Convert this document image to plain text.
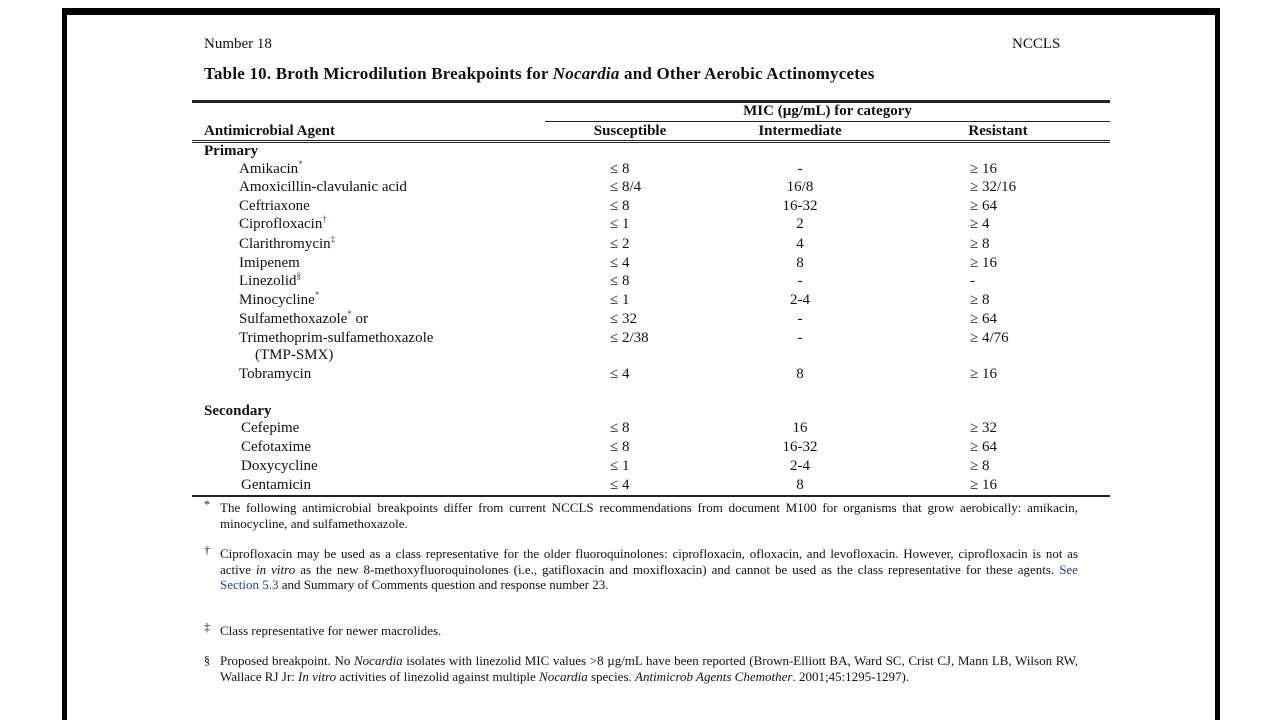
Number 18	NCCLS
Table 10. Broth Microdilution Breakpoints for Nocardia and Other Aerobic Actinomycetes
MIC (µg/mL) for category
Antimicrobial Agent	Susceptible	Intermediate	Resistant
Primary
Amikacin*	≤ 8	-	≥ 16
Amoxicillin-clavulanic acid	≤ 8/4	16/8	≥ 32/16
Ceftriaxone	≤ 8	16-32	≥ 64
Ciprofloxacin†	≤ 1	2	≥ 4
Clarithromycin‡	≤ 2	4	≥ 8
Imipenem	≤ 4	8	≥ 16
Linezolid§	≤ 8	-	-
Minocycline*	≤ 1	2-4	≥ 8
Sulfamethoxazole* or	≤ 32	-	≥ 64
Trimethoprim-sulfamethoxazole
(TMP-SMX)
≤ 2/38	-	≥ 4/76
Tobramycin	≤ 4	8	≥ 16
Secondary
Cefepime	≤ 8	16	≥ 32
Cefotaxime	≤ 8	16-32	≥ 64
Doxycycline	≤ 1	2-4	≥ 8
Gentamicin	≤ 4	8	≥ 16
* The following antimicrobial breakpoints differ from current NCCLS recommendations from document M100 for organisms that grow aerobically: amikacin, minocycline, and sulfamethoxazole.
† Ciprofloxacin may be used as a class representative for the older fluoroquinolones: ciprofloxacin, ofloxacin, and levofloxacin. However, ciprofloxacin is not as active in vitro as the new 8-methoxyfluoroquinolones (i.e., gatifloxacin and moxifloxacin) and cannot be used as the class representative for these agents. See Section 5.3 and Summary of Comments question and response number 23.
‡ Class representative for newer macrolides.
§ Proposed breakpoint. No Nocardia isolates with linezolid MIC values >8 µg/mL have been reported (Brown-Elliott BA, Ward SC, Crist CJ, Mann LB, Wilson RW, Wallace RJ Jr: In vitro activities of linezolid against multiple Nocardia species. Antimicrob Agents Chemother. 2001;45:1295-1297).
